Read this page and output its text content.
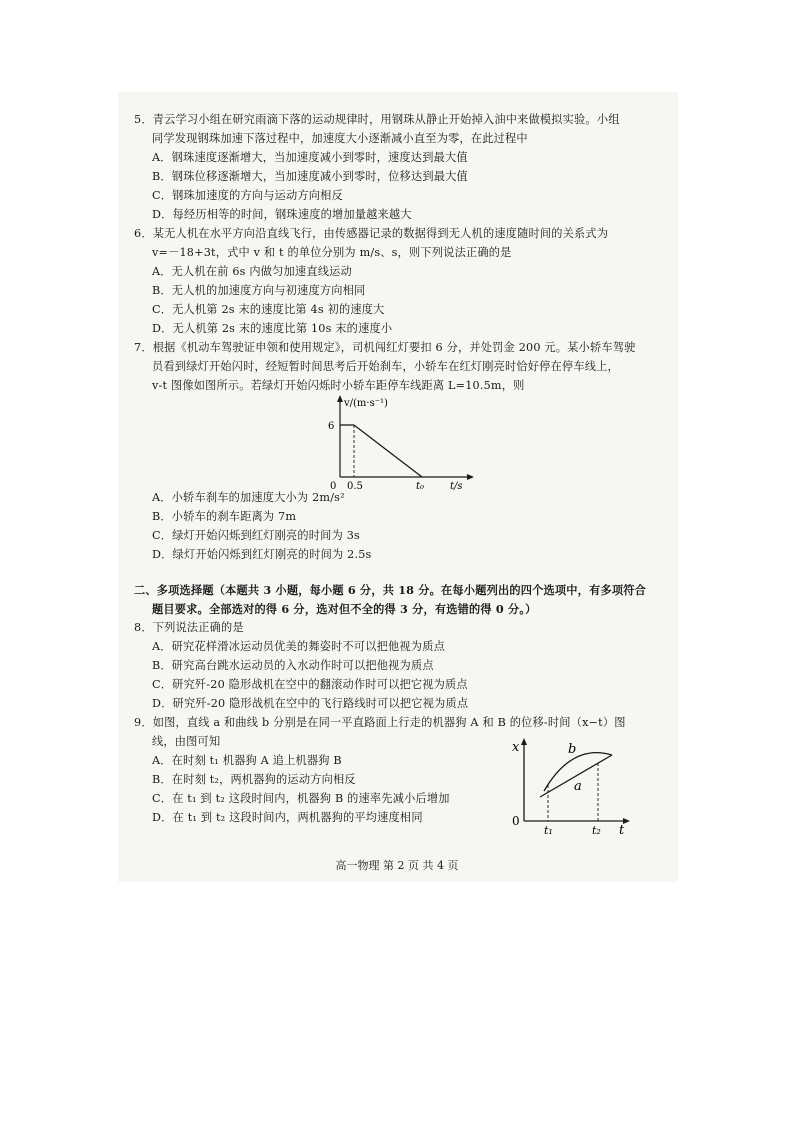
5．青云学习小组在研究雨滴下落的运动规律时，用钢珠从静止开始掉入油中来做模拟实验。小组
同学发现钢珠加速下落过程中，加速度大小逐渐减小直至为零，在此过程中
A．钢珠速度逐渐增大，当加速度减小到零时，速度达到最大值
B．钢珠位移逐渐增大，当加速度减小到零时，位移达到最大值
C．钢珠加速度的方向与运动方向相反
D．每经历相等的时间，钢珠速度的增加量越来越大
6．某无人机在水平方向沿直线飞行，由传感器记录的数据得到无人机的速度随时间的关系式为
v=－18+3t，式中 v 和 t 的单位分别为 m/s、s，则下列说法正确的是
A．无人机在前 6s 内做匀加速直线运动
B．无人机的加速度方向与初速度方向相同
C．无人机第 2s 末的速度比第 4s 初的速度大
D．无人机第 2s 末的速度比第 10s 末的速度小
7．根据《机动车驾驶证申领和使用规定》，司机闯红灯要扣 6 分，并处罚金 200 元。某小轿车驾驶
员看到绿灯开始闪时，经短暂时间思考后开始刹车，小轿车在红灯刚亮时恰好停在停车线上，
v-t 图像如图所示。若绿灯开始闪烁时小轿车距停车线距离 L=10.5m，则
v/(m·s⁻¹)
6
0 0.5	t₀	t/s
A．小轿车刹车的加速度大小为 2m/s²
B．小轿车的刹车距离为 7m
C．绿灯开始闪烁到红灯刚亮的时间为 3s
D．绿灯开始闪烁到红灯刚亮的时间为 2.5s
二、多项选择题（本题共 3 小题，每小题 6 分，共 18 分。在每小题列出的四个选项中，有多项符合
题目要求。全部选对的得 6 分，选对但不全的得 3 分，有选错的得 0 分。）
8．下列说法正确的是
A．研究花样滑冰运动员优美的舞姿时不可以把他视为质点
B．研究高台跳水运动员的入水动作时可以把他视为质点
C．研究歼-20 隐形战机在空中的翻滚动作时可以把它视为质点
D．研究歼-20 隐形战机在空中的飞行路线时可以把它视为质点
9．如图，直线 a 和曲线 b 分别是在同一平直路面上行走的机器狗 A 和 B 的位移-时间（x−t）图
线，由图可知
A．在时刻 t₁ 机器狗 A 追上机器狗 B
B．在时刻 t₂，两机器狗的运动方向相反
C．在 t₁ 到 t₂ 这段时间内，机器狗 B 的速率先减小后增加
D．在 t₁ 到 t₂ 这段时间内，两机器狗的平均速度相同
x
0
t₁	t₂ t
b
a
高一物理 第 2 页 共 4 页
